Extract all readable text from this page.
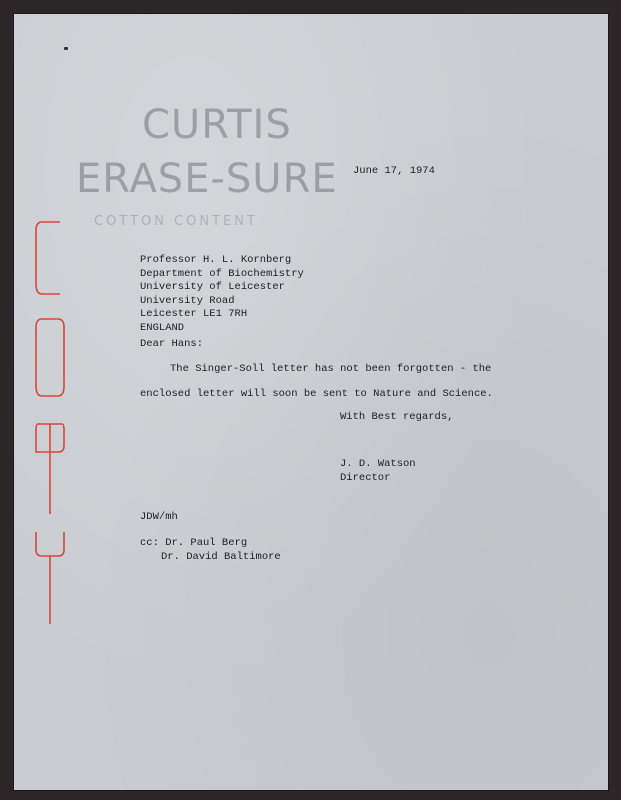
CURTIS
ERASE-SURE
COTTON CONTENT
June 17, 1974
Professor H. L. Kornberg
Department of Biochemistry
University of Leicester
University Road
Leicester LE1 7RH
ENGLAND
Dear Hans:
The Singer-Soll letter has not been forgotten - the
enclosed letter will soon be sent to Nature and Science.
With Best regards,
J. D. Watson
Director
JDW/mh
cc: Dr. Paul Berg
Dr. David Baltimore
